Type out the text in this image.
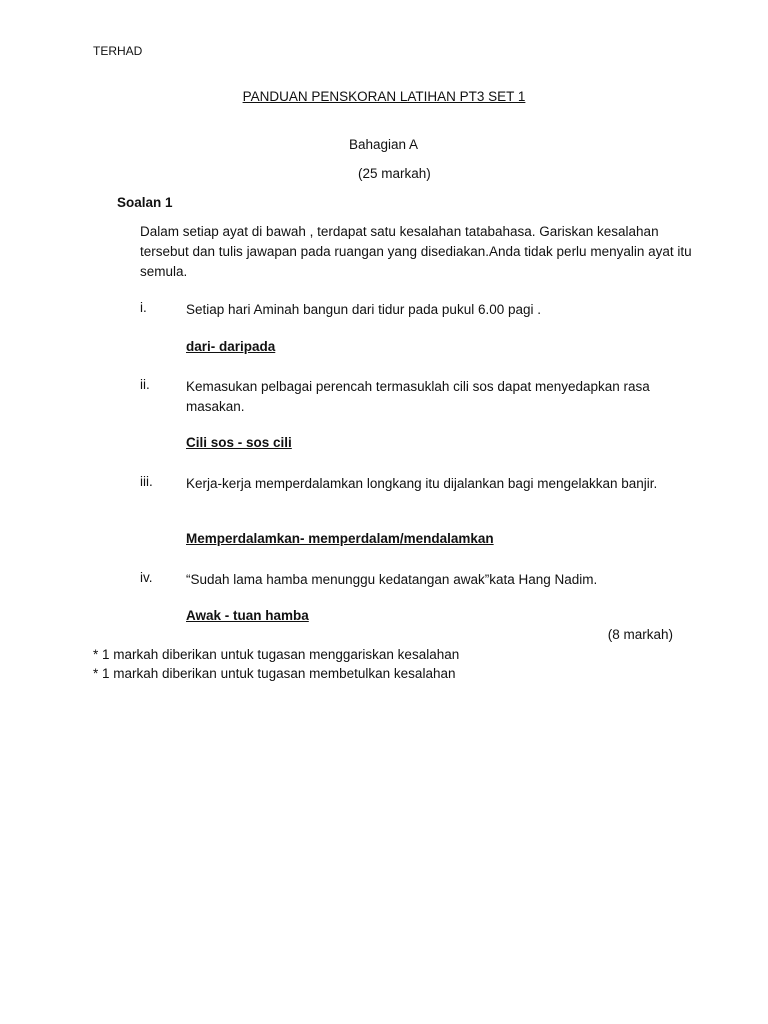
TERHAD
PANDUAN PENSKORAN LATIHAN PT3 SET 1
Bahagian A
(25 markah)
Soalan 1
Dalam setiap ayat di bawah , terdapat satu kesalahan tatabahasa. Gariskan kesalahan tersebut dan tulis jawapan pada ruangan yang disediakan.Anda tidak perlu menyalin ayat itu semula.
i.	Setiap hari Aminah bangun dari tidur pada pukul 6.00 pagi .
dari- daripada
ii.	Kemasukan pelbagai perencah termasuklah cili sos dapat menyedapkan rasa masakan.
Cili sos - sos cili
iii. Kerja-kerja memperdalamkan longkang itu dijalankan bagi mengelakkan banjir.
Memperdalamkan- memperdalam/mendalamkan
iv. “Sudah lama hamba menunggu kedatangan awak”kata Hang Nadim.
Awak - tuan hamba
(8 markah)
* 1 markah diberikan untuk tugasan menggariskan kesalahan
* 1 markah diberikan untuk tugasan membetulkan kesalahan
